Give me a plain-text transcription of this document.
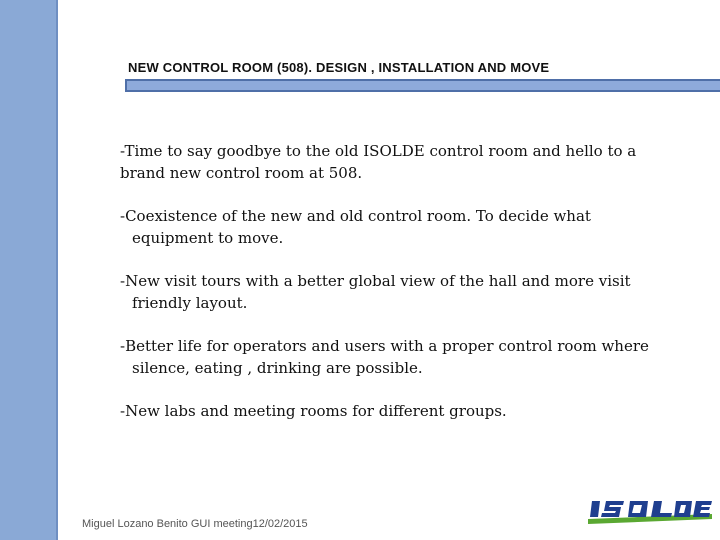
NEW CONTROL ROOM (508). DESIGN , INSTALLATION AND MOVE
-Time to say goodbye to the old ISOLDE control room and hello to a
brand new control room at 508.
-Coexistence of the new and old control room. To decide what
equipment to move.
-New visit tours with a better global view of the hall and more visit
friendly layout.
-Better life for operators and users with a proper control room where
silence, eating , drinking are possible.
-New labs and meeting rooms for different groups.
Miguel Lozano Benito GUI meeting12/02/2015
